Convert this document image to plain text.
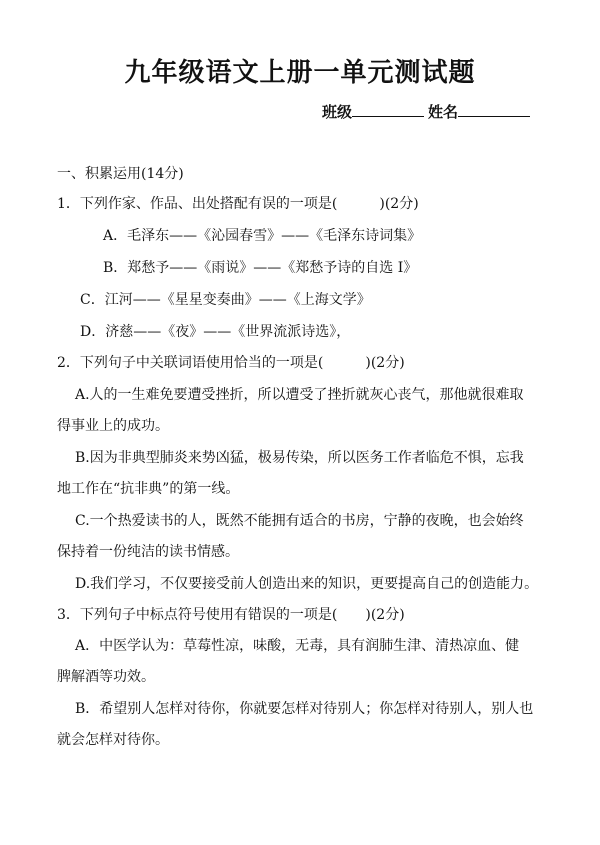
九年级语文上册一单元测试题
班级	姓名
一、积累运用(14分)
1．下列作家、作品、出处搭配有误的一项是(　　　)(2分)
A．毛泽东——《沁园春雪》——《毛泽东诗词集》
B．郑愁予——《雨说》——《郑愁予诗的自选 I》
C．江河——《星星变奏曲》——《上海文学》
D．济慈——《夜》——《世界流派诗选》，
2．下列句子中关联词语使用恰当的一项是(　　　)(2分)
A.人的一生难免要遭受挫折，所以遭受了挫折就灰心丧气，那他就很难取
得事业上的成功。
B.因为非典型肺炎来势凶猛，极易传染，所以医务工作者临危不惧，忘我
地工作在“抗非典”的第一线。
C.一个热爱读书的人，既然不能拥有适合的书房，宁静的夜晚，也会始终
保持着一份纯洁的读书情感。
D.我们学习，不仅要接受前人创造出来的知识，更要提高自己的创造能力。
3．下列句子中标点符号使用有错误的一项是(　　)(2分)
A．中医学认为：草莓性凉，味酸，无毒，具有润肺生津、清热凉血、健
脾解酒等功效。
B．希望别人怎样对待你，你就要怎样对待别人；你怎样对待别人，别人也
就会怎样对待你。
